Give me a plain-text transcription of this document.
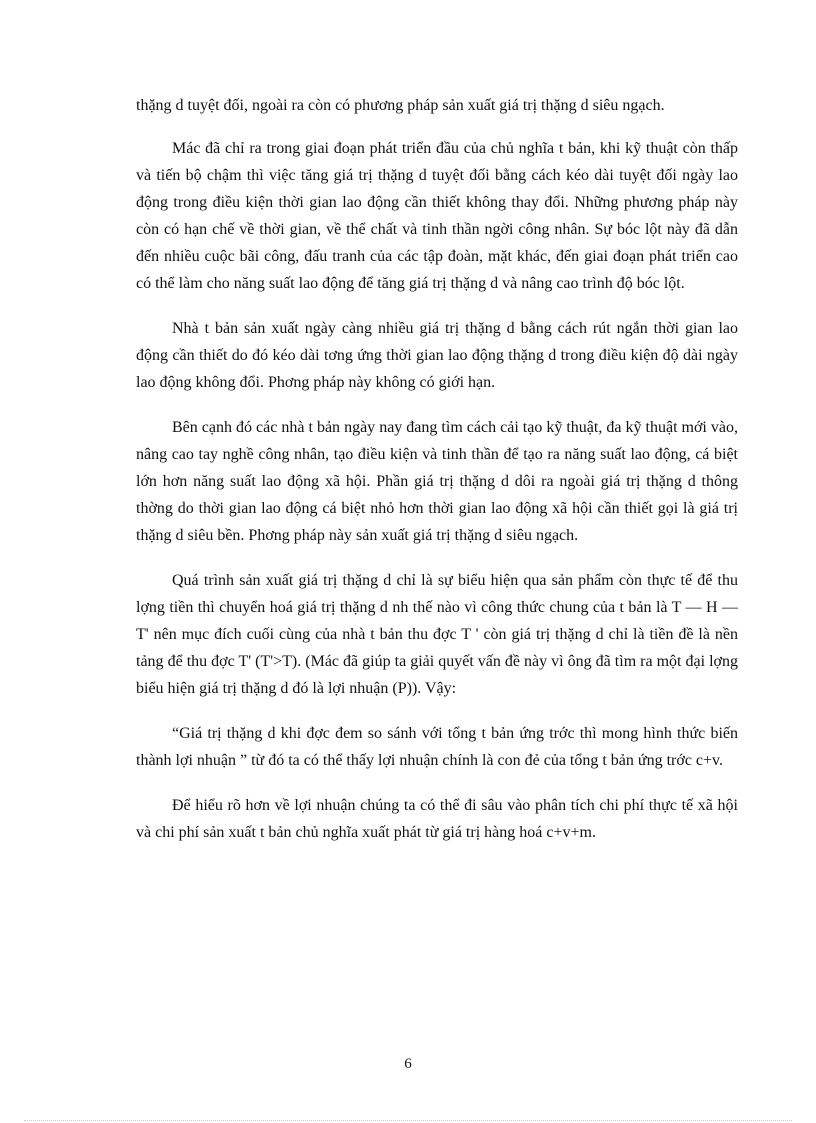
thặng d tuyệt đối, ngoài ra còn có phương pháp sản xuất giá trị thặng d siêu ngạch.

Mác đã chỉ ra trong giai đoạn phát triển đầu của chủ nghĩa t bản, khi kỹ thuật còn thấp và tiến bộ chậm thì việc tăng giá trị thặng d tuyệt đối bằng cách kéo dài tuyệt đối ngày lao động trong điều kiện thời gian lao động cần thiết không thay đổi. Những phương pháp này còn có hạn chế về thời gian, về thể chất và tinh thần ngời công nhân. Sự bóc lột này đã dẫn đến nhiều cuộc bãi công, đấu tranh của các tập đoàn, mặt khác, đến giai đoạn phát triển cao có thể làm cho năng suất lao động để tăng giá trị thặng d và nâng cao trình độ bóc lột.

Nhà t bản sản xuất ngày càng nhiều giá trị thặng d bằng cách rút ngắn thời gian lao động cần thiết do đó kéo dài tơng ứng thời gian lao động thặng d trong điều kiện độ dài ngày lao động không đổi. Phơng pháp này không có giới hạn.

Bên cạnh đó các nhà t bản ngày nay đang tìm cách cải tạo kỹ thuật, đa kỹ thuật mới vào, nâng cao tay nghề công nhân, tạo điều kiện và tinh thần để tạo ra năng suất lao động, cá biệt lớn hơn năng suất lao động xã hội. Phần giá trị thặng d dôi ra ngoài giá trị thặng d thông thờng do thời gian lao động cá biệt nhỏ hơn thời gian lao động xã hội cần thiết gọi là giá trị thặng d siêu bền. Phơng pháp này sản xuất giá trị thặng d siêu ngạch.

Quá trình sản xuất giá trị thặng d chỉ là sự biểu hiện qua sản phẩm còn thực tế để thu lợng tiền thì chuyển hoá giá trị thặng d nh thế nào vì công thức chung của t bản là T — H — T' nên mục đích cuối cùng của nhà t bản thu đợc T ' còn giá trị thặng d chỉ là tiền đề là nền tảng để thu đợc T' (T'>T). (Mác đã giúp ta giải quyết vấn đề này vì ông đã tìm ra một đại lợng biểu hiện giá trị thặng d đó là lợi nhuận (P)). Vậy:

“Giá trị thặng d khi đợc đem so sánh với tổng t bản ứng trớc thì mong hình thức biến thành lợi nhuận ” từ đó ta có thể thấy lợi nhuận chính là con đẻ của tổng t bản ứng trớc c+v.

Để hiểu rõ hơn về lợi nhuận chúng ta có thể đi sâu vào phân tích chi phí thực tế xã hội và chi phí sản xuất t bản chủ nghĩa xuất phát từ giá trị hàng hoá c+v+m.

6
